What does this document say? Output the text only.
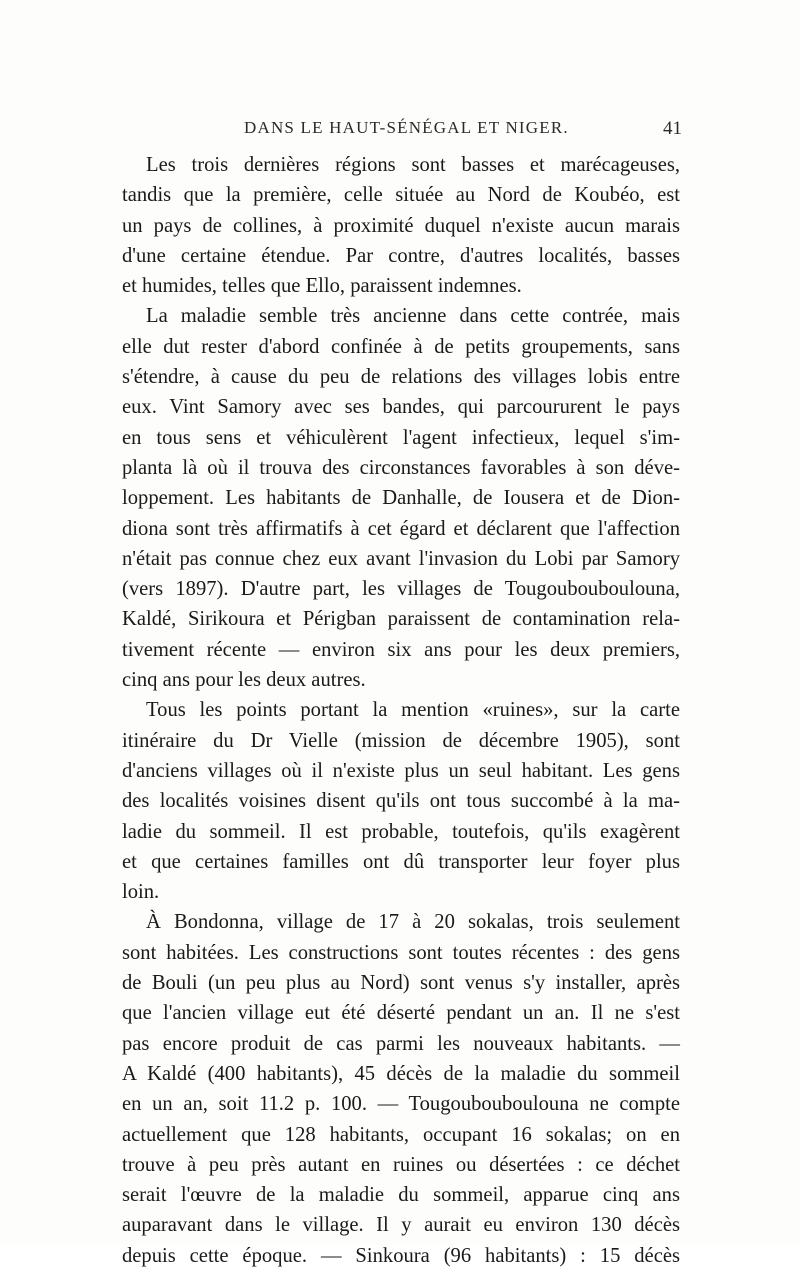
DANS LE HAUT-SÉNÉGAL ET NIGER.	41
Les trois dernières régions sont basses et marécageuses,
tandis que la première, celle située au Nord de Koubéo, est
un pays de collines, à proximité duquel n'existe aucun marais
d'une certaine étendue. Par contre, d'autres localités, basses
et humides, telles que Ello, paraissent indemnes.
La maladie semble très ancienne dans cette contrée, mais
elle dut rester d'abord confinée à de petits groupements, sans
s'étendre, à cause du peu de relations des villages lobis entre
eux. Vint Samory avec ses bandes, qui parcoururent le pays
en tous sens et véhiculèrent l'agent infectieux, lequel s'im-
planta là où il trouva des circonstances favorables à son déve-
loppement. Les habitants de Danhalle, de Iousera et de Dion-
diona sont très affirmatifs à cet égard et déclarent que l'affection
n'était pas connue chez eux avant l'invasion du Lobi par Samory
(vers 1897). D'autre part, les villages de Tougoubouboulouna,
Kaldé, Sirikoura et Périgban paraissent de contamination rela-
tivement récente — environ six ans pour les deux premiers,
cinq ans pour les deux autres.
Tous les points portant la mention «ruines», sur la carte
itinéraire du Dr Vielle (mission de décembre 1905), sont
d'anciens villages où il n'existe plus un seul habitant. Les gens
des localités voisines disent qu'ils ont tous succombé à la ma-
ladie du sommeil. Il est probable, toutefois, qu'ils exagèrent
et que certaines familles ont dû transporter leur foyer plus
loin.
À Bondonna, village de 17 à 20 sokalas, trois seulement
sont habitées. Les constructions sont toutes récentes : des gens
de Bouli (un peu plus au Nord) sont venus s'y installer, après
que l'ancien village eut été déserté pendant un an. Il ne s'est
pas encore produit de cas parmi les nouveaux habitants. —
A Kaldé (400 habitants), 45 décès de la maladie du sommeil
en un an, soit 11.2 p. 100. — Tougoubouboulouna ne compte
actuellement que 128 habitants, occupant 16 sokalas; on en
trouve à peu près autant en ruines ou désertées : ce déchet
serait l'œuvre de la maladie du sommeil, apparue cinq ans
auparavant dans le village. Il y aurait eu environ 130 décès
depuis cette époque. — Sinkoura (96 habitants) : 15 décès
